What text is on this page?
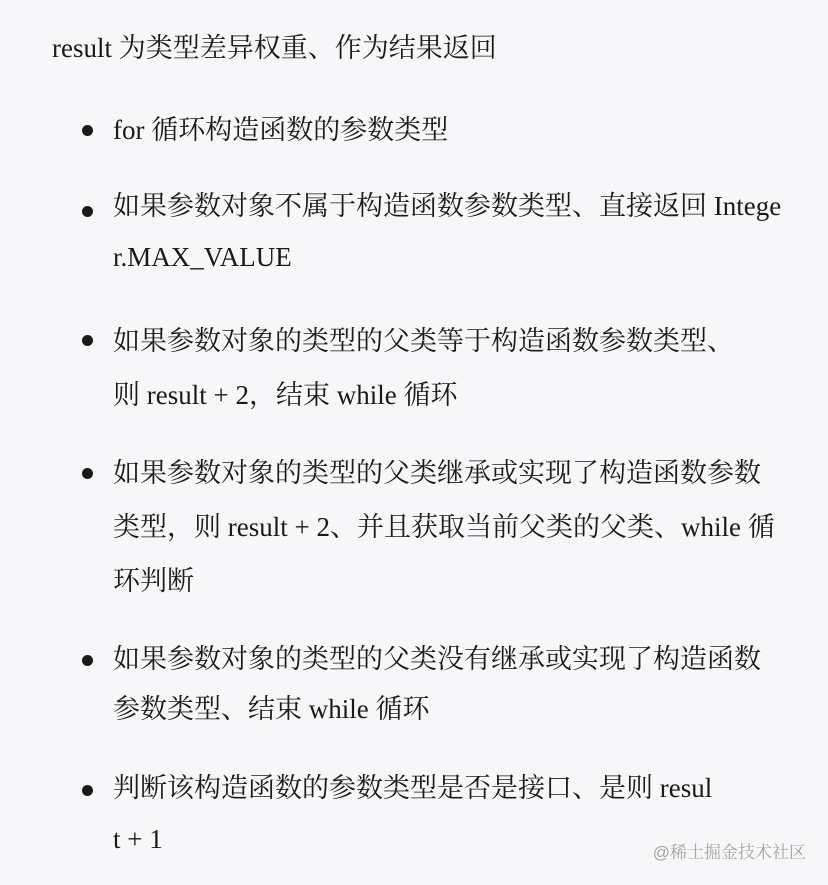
result 为类型差异权重、作为结果返回
for 循环构造函数的参数类型
如果参数对象不属于构造函数参数类型、直接返回 Integer.MAX_VALUE
如果参数对象的类型的父类等于构造函数参数类型、则 result + 2，结束 while 循环
如果参数对象的类型的父类继承或实现了构造函数参数类型，则 result + 2、并且获取当前父类的父类、while 循环判断
如果参数对象的类型的父类没有继承或实现了构造函数参数类型、结束 while 循环
判断该构造函数的参数类型是否是接口、是则 result + 1	@稀土掘金技术社区
